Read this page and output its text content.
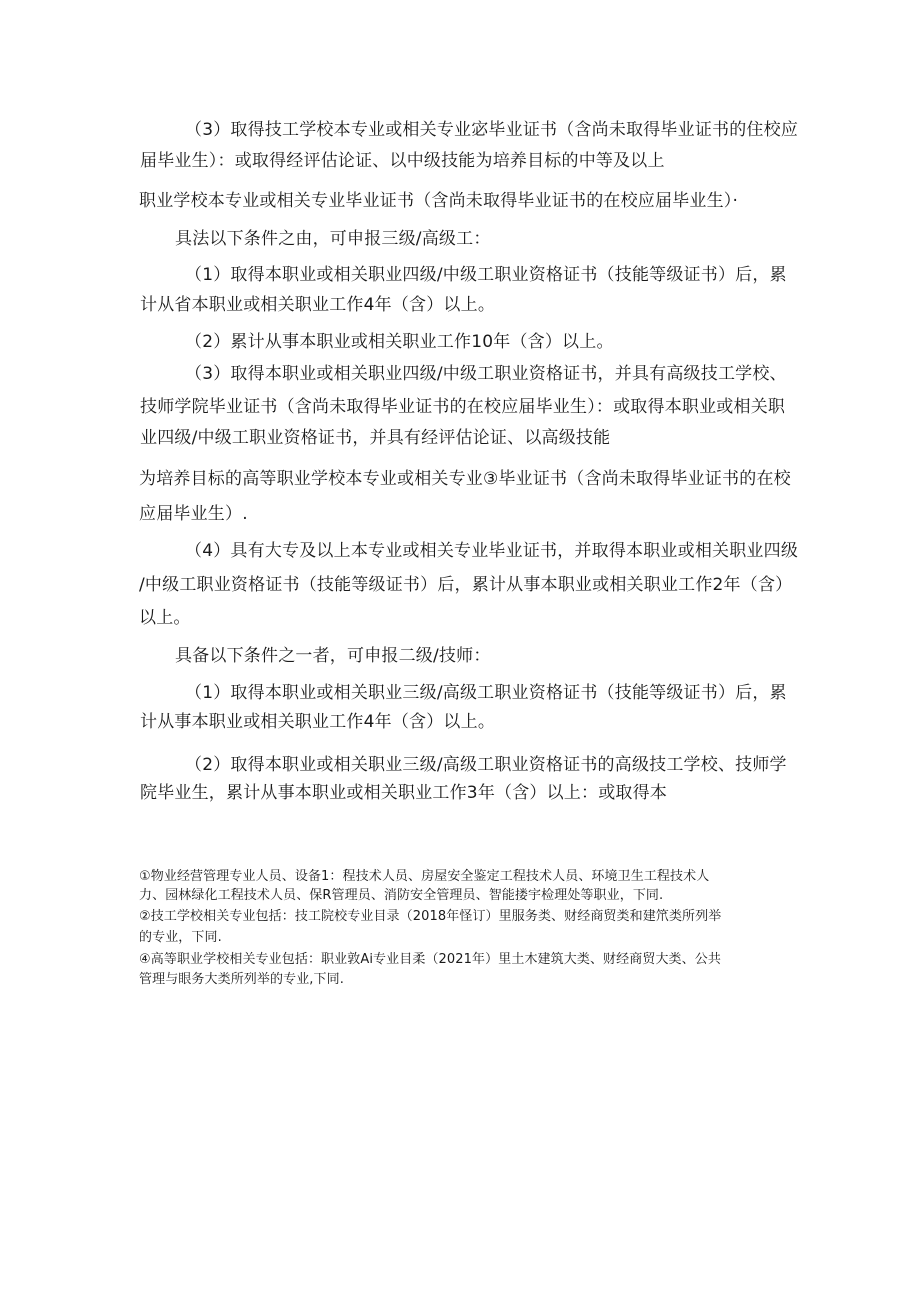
（3）取得技工学校本专业或相关专业宓毕业证书（含尚未取得毕业证书的住校应

届毕业生）：或取得经评估论证、以中级技能为培养目标的中等及以上

职业学校本专业或相关专业毕业证书（含尚未取得毕业证书的在校应届毕业生）·

具法以下条件之由，可申报三级/高级工：

（1）取得本职业或相关职业四级/中级工职业资格证书（技能等级证书）后，累

计从省本职业或相关职业工作4年（含）以上。

（2）累计从事本职业或相关职业工作10年（含）以上。

（3）取得本职业或相关职业四级/中级工职业资格证书，并具有高级技工学校、

技师学院毕业证书（含尚未取得毕业证书的在校应届毕业生）：或取得本职业或相关职

业四级/中级工职业资格证书，并具有经评估论证、以高级技能

为培养目标的高等职业学校本专业或相关专业③毕业证书（含尚未取得毕业证书的在校

应届毕业生）.

（4）具有大专及以上本专业或相关专业毕业证书，并取得本职业或相关职业四级

/中级工职业资格证书（技能等级证书）后，累计从事本职业或相关职业工作2年（含）

以上。

具备以下条件之一者，可申报二级/技师：

（1）取得本职业或相关职业三级/高级工职业资格证书（技能等级证书）后，累

计从事本职业或相关职业工作4年（含）以上。

（2）取得本职业或相关职业三级/高级工职业资格证书的高级技工学校、技师学

院毕业生，累计从事本职业或相关职业工作3年（含）以上：或取得本

①物业经营管理专业人员、设备1：程技术人员、房屋安全鉴定工程技术人员、环境卫生工程技术人

力、园林绿化工程技术人员、保R管理员、消防安全管理员、智能搂宇检理处等职业，下同.

②技工学校相关专业包括：技工院校专业目录（2018年怪订）里服务类、财经商贸类和建笊类所列举

的专业，下同.

④高等职业学校相关专业包括：职业敦Ai专业目柔（2021年）里土木建筑大类、财经商贸大类、公共

管理与眼务大类所列举的专业,下同.
